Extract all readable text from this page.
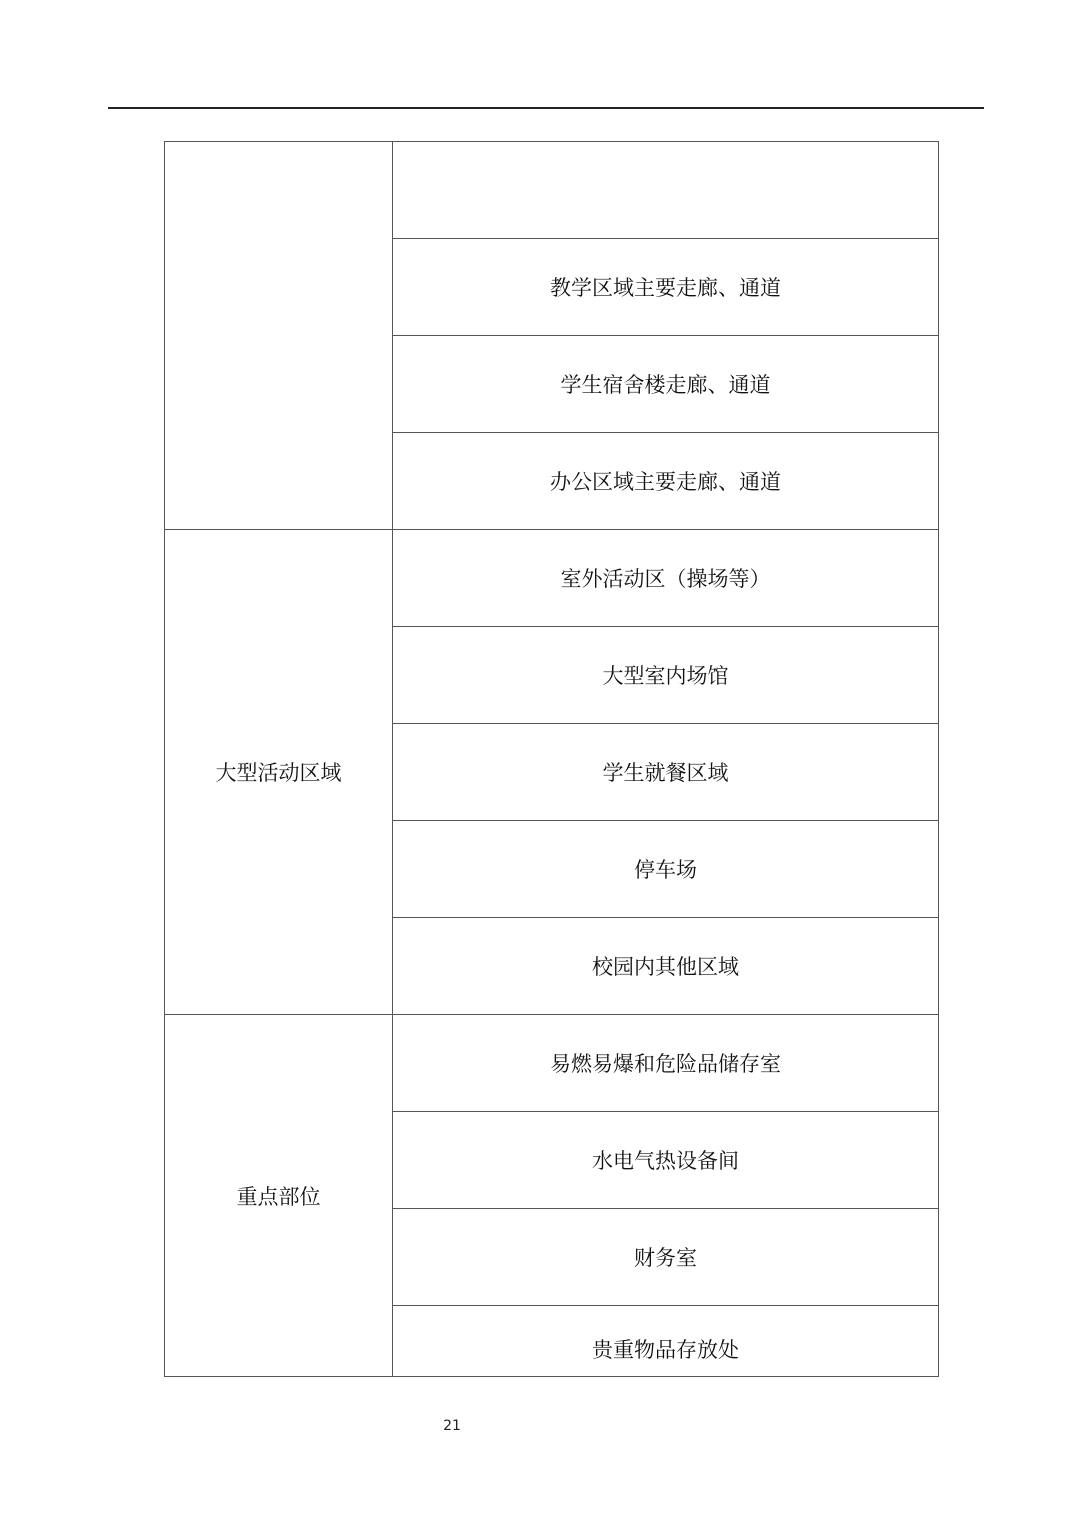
	教学区域主要走廊、通道
	学生宿舍楼走廊、通道
	办公区域主要走廊、通道
大型活动区域	室外活动区（操场等）
	大型室内场馆
	学生就餐区域
	停车场
	校园内其他区域
重点部位	易燃易爆和危险品储存室
	水电气热设备间
	财务室
	贵重物品存放处
21
